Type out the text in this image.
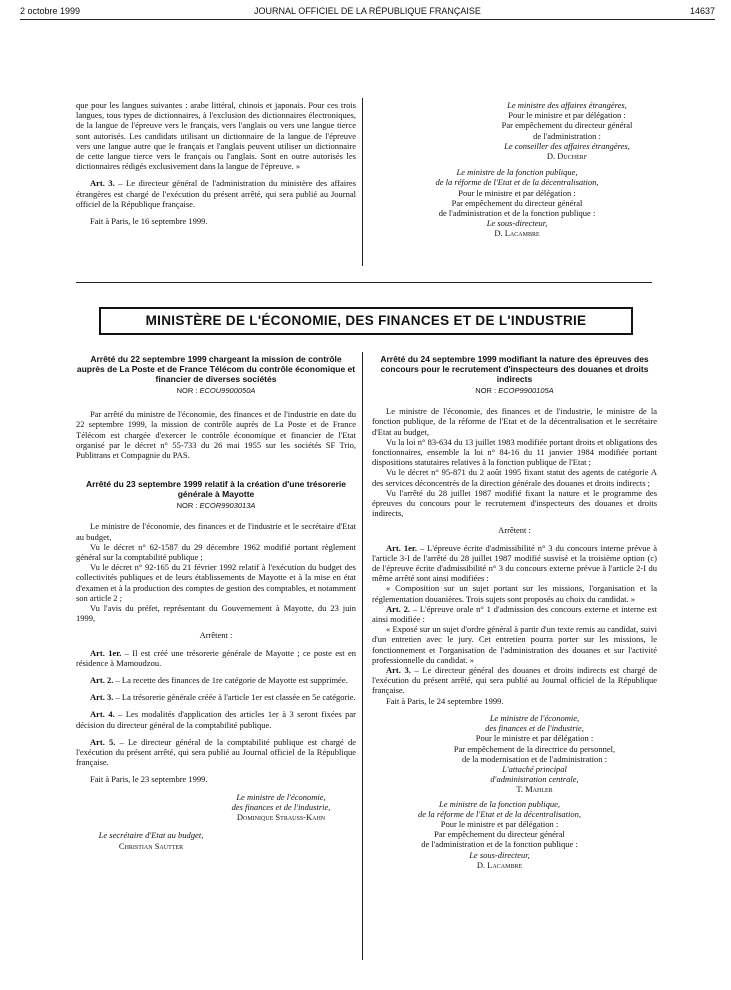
2 octobre 1999	JOURNAL OFFICIEL DE LA RÉPUBLIQUE FRANÇAISE	14637

que pour les langues suivantes : arabe littéral, chinois et japonais. Pour ces trois langues, tous types de dictionnaires, à l'exclusion des dictionnaires électroniques, de la langue de l'épreuve vers le français, vers l'anglais ou vers une langue tierce sont autorisés. Les candidats utilisant un dictionnaire de la langue de l'épreuve vers une langue autre que le français et l'anglais peuvent utiliser un dictionnaire de cette langue tierce vers le français ou l'anglais. Sont en outre autorisés les dictionnaires rédigés exclusivement dans la langue de l'épreuve. »

Art. 3. – Le directeur général de l'administration du ministère des affaires étrangères est chargé de l'exécution du présent arrêté, qui sera publié au Journal officiel de la République française.

Fait à Paris, le 16 septembre 1999.

Le ministre des affaires étrangères,
Pour le ministre et par délégation :
Par empêchement du directeur général
de l'administration :
Le conseiller des affaires étrangères,
D. Ducherf
Le ministre de la fonction publique,
de la réforme de l'Etat et de la décentralisation,
Pour le ministre et par délégation :
Par empêchement du directeur général
de l'administration et de la fonction publique :
Le sous-directeur,
D. Lacambre
MINISTÈRE DE L'ÉCONOMIE, DES FINANCES ET DE L'INDUSTRIE
Arrêté du 22 septembre 1999 chargeant la mission de contrôle auprès de La Poste et de France Télécom du contrôle économique et financier de diverses sociétés
NOR : ECOU9900050A

Par arrêté du ministre de l'économie, des finances et de l'industrie en date du 22 septembre 1999, la mission de contrôle auprès de La Poste et de France Télécom est chargée d'exercer le contrôle économique et financier de l'Etat organisé par le décret n° 55-733 du 26 mai 1955 sur les sociétés SF Trio, Publitrans et Compagnie du PAS.

Arrêté du 23 septembre 1999 relatif à la création d'une trésorerie générale à Mayotte
NOR : ECOR9903013A

Le ministre de l'économie, des finances et de l'industrie et le secrétaire d'Etat au budget,

Vu le décret n° 62-1587 du 29 décembre 1962 modifié portant règlement général sur la comptabilité publique ;

Vu le décret n° 92-165 du 21 février 1992 relatif à l'exécution du budget des collectivités publiques et de leurs établissements de Mayotte et à la mise en état d'examen et à la production des comptes de gestion des comptables, et notamment son article 2 ;

Vu l'avis du préfet, représentant du Gouvernement à Mayotte, du 23 juin 1999,

Arrêtent :

Art. 1er. – Il est créé une trésorerie générale de Mayotte ; ce poste est en résidence à Mamoudzou.

Art. 2. – La recette des finances de 1re catégorie de Mayotte est supprimée.

Art. 3. – La trésorerie générale créée à l'article 1er est classée en 5e catégorie.

Art. 4. – Les modalités d'application des articles 1er à 3 seront fixées par décision du directeur général de la comptabilité publique.

Art. 5. – Le directeur général de la comptabilité publique est chargé de l'exécution du présent arrêté, qui sera publié au Journal officiel de la République française.

Fait à Paris, le 23 septembre 1999.

Le ministre de l'économie,
des finances et de l'industrie,
Dominique Strauss-Kahn
Le secrétaire d'Etat au budget,
Christian Sautter
Arrêté du 24 septembre 1999 modifiant la nature des épreuves des concours pour le recrutement d'inspecteurs des douanes et droits indirects
NOR : ECOP9900105A

Le ministre de l'économie, des finances et de l'industrie, le ministre de la fonction publique, de la réforme de l'Etat et de la décentralisation et le secrétaire d'Etat au budget,

Vu la loi n° 83-634 du 13 juillet 1983 modifiée portant droits et obligations des fonctionnaires, ensemble la loi n° 84-16 du 11 janvier 1984 modifiée portant dispositions statutaires relatives à la fonction publique de l'Etat ;

Vu le décret n° 95-871 du 2 août 1995 fixant statut des agents de catégorie A des services déconcentrés de la direction générale des douanes et droits indirects ;

Vu l'arrêté du 28 juillet 1987 modifié fixant la nature et le programme des épreuves du concours pour le recrutement d'inspecteurs des douanes et droits indirects,

Arrêtent :

Art. 1er. – L'épreuve écrite d'admissibilité n° 3 du concours interne prévue à l'article 3-I de l'arrêté du 28 juillet 1987 modifié susvisé et la troisième option (c) de l'épreuve écrite d'admissibilité n° 3 du concours externe prévue à l'article 2-I du même arrêté sont ainsi modifiées :

« Composition sur un sujet portant sur les missions, l'organisation et la réglementation douanières. Trois sujets sont proposés au choix du candidat. »

Art. 2. – L'épreuve orale n° 1 d'admission des concours externe et interne est ainsi modifiée :

« Exposé sur un sujet d'ordre général à partir d'un texte remis au candidat, suivi d'un entretien avec le jury. Cet entretien pourra porter sur les missions, le fonctionnement et l'organisation de l'administration des douanes et sur l'activité professionnelle du candidat. »

Art. 3. – Le directeur général des douanes et droits indirects est chargé de l'exécution du présent arrêté, qui sera publié au Journal officiel de la République française.

Fait à Paris, le 24 septembre 1999.

Le ministre de l'économie,
des finances et de l'industrie,
Pour le ministre et par délégation :
Par empêchement de la directrice du personnel,
de la modernisation et de l'administration :
L'attaché principal
d'administration centrale,
T. Mahler
Le ministre de la fonction publique,
de la réforme de l'Etat et de la décentralisation,
Pour le ministre et par délégation :
Par empêchement du directeur général
de l'administration et de la fonction publique :
Le sous-directeur,
D. Lacambre
